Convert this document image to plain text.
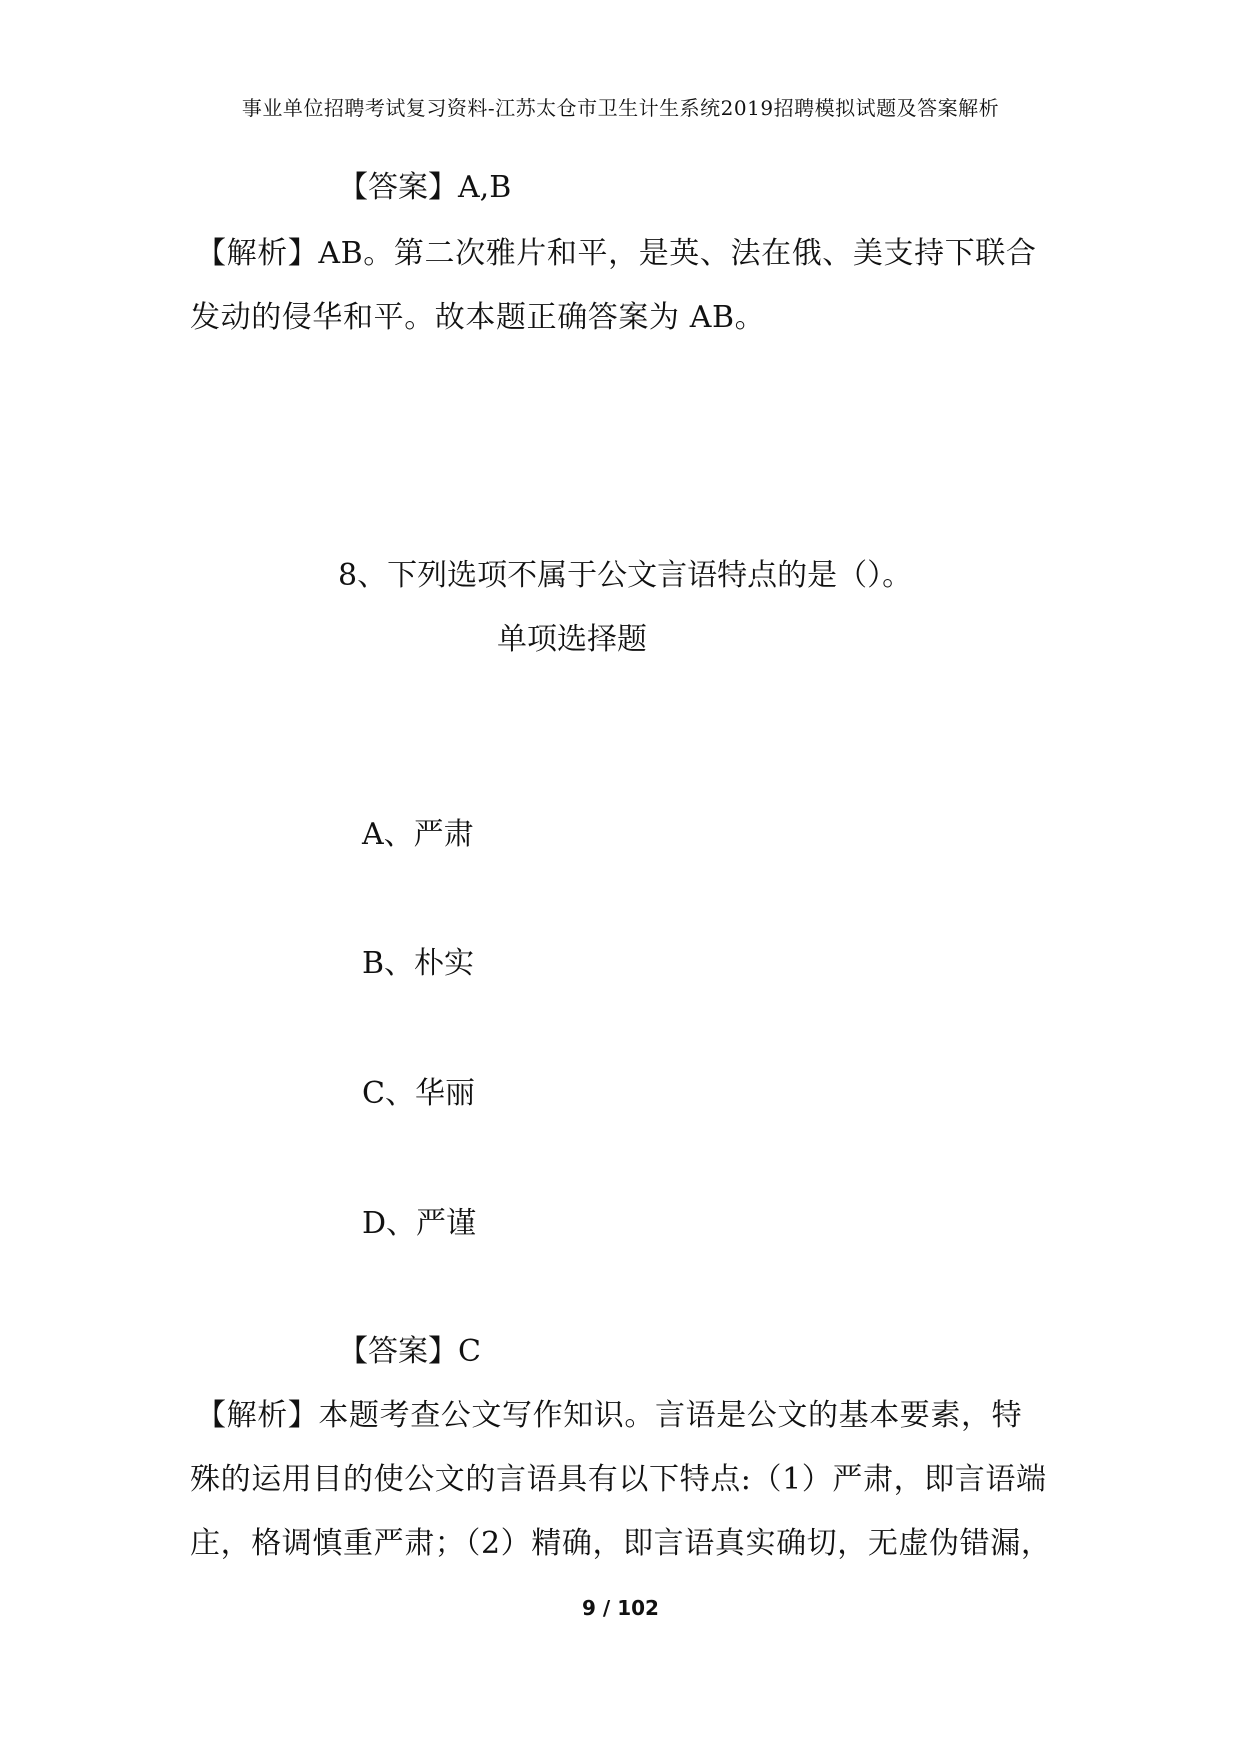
事业单位招聘考试复习资料-江苏太仓市卫生计生系统2019招聘模拟试题及答案解析
【答案】A,B
【解析】AB。第二次雅片和平，是英、法在俄、美支持下联合
发动的侵华和平。故本题正确答案为 AB。
8、下列选项不属于公文言语特点的是（）。
单项选择题
A、严肃
B、朴实
C、华丽
D、严谨
【答案】C
【解析】本题考查公文写作知识。言语是公文的基本要素，特
殊的运用目的使公文的言语具有以下特点:（1）严肃，即言语端
庄，格调慎重严肃；（2）精确，即言语真实确切，无虚伪错漏，
9 / 102
